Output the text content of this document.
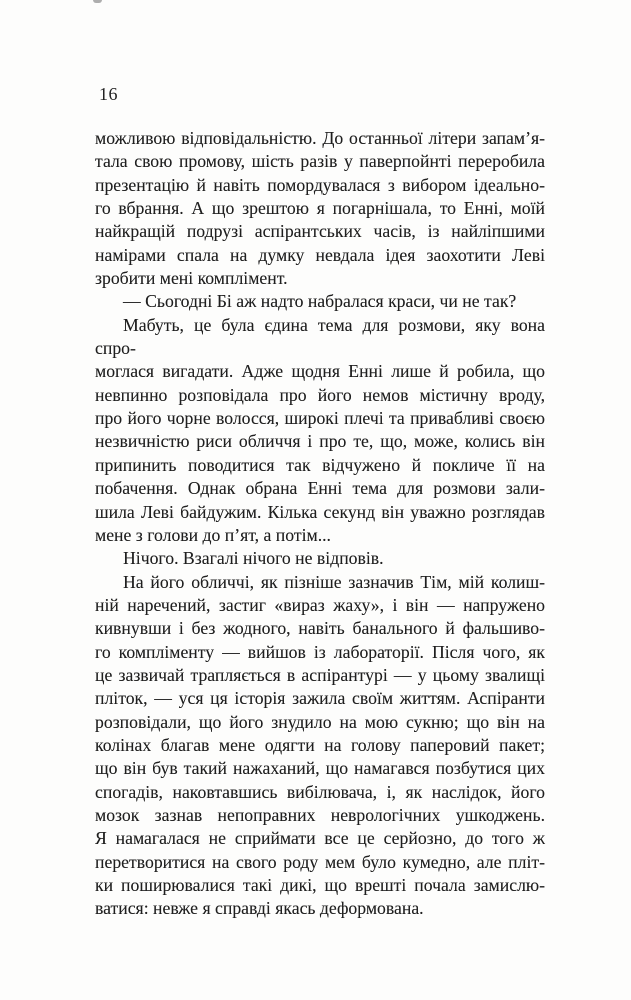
16
можливою відповідальністю. До останньої літери запам’я-
тала свою промову, шість разів у паверпойнті переробила
презентацію й навіть помордувалася з вибором ідеально-
го вбрання. А що зрештою я погарнішала, то Енні, моїй
найкращій подрузі аспірантських часів, із найліпшими
намірами спала на думку невдала ідея заохотити Леві
зробити мені комплімент.
— Сьогодні Бі аж надто набралася краси, чи не так?
Мабуть, це була єдина тема для розмови, яку вона спро-
моглася вигадати. Адже щодня Енні лише й робила, що
невпинно розповідала про його немов містичну вроду,
про його чорне волосся, широкі плечі та привабливі своєю
незвичністю риси обличчя і про те, що, може, колись він
припинить поводитися так відчужено й покличе її на
побачення. Однак обрана Енні тема для розмови зали-
шила Леві байдужим. Кілька секунд він уважно розглядав
мене з голови до п’ят, а потім...
Нічого. Взагалі нічого не відповів.
На його обличчі, як пізніше зазначив Тім, мій колиш-
ній наречений, застиг «вираз жаху», і він — напружено
кивнувши і без жодного, навіть банального й фальшиво-
го компліменту — вийшов із лабораторії. Після чого, як
це зазвичай трапляється в аспірантурі — у цьому звалищі
пліток, — уся ця історія зажила своїм життям. Аспіранти
розповідали, що його знудило на мою сукню; що він на
колінах благав мене одягти на голову паперовий пакет;
що він був такий нажаханий, що намагався позбутися цих
спогадів, наковтавшись вибілювача, і, як наслідок, його
мозок зазнав непоправних неврологічних ушкоджень.
Я намагалася не сприймати все це серйозно, до того ж
перетворитися на свого роду мем було кумедно, але пліт-
ки поширювалися такі дикі, що врешті почала замислю-
ватися: невже я справді якась деформована.
